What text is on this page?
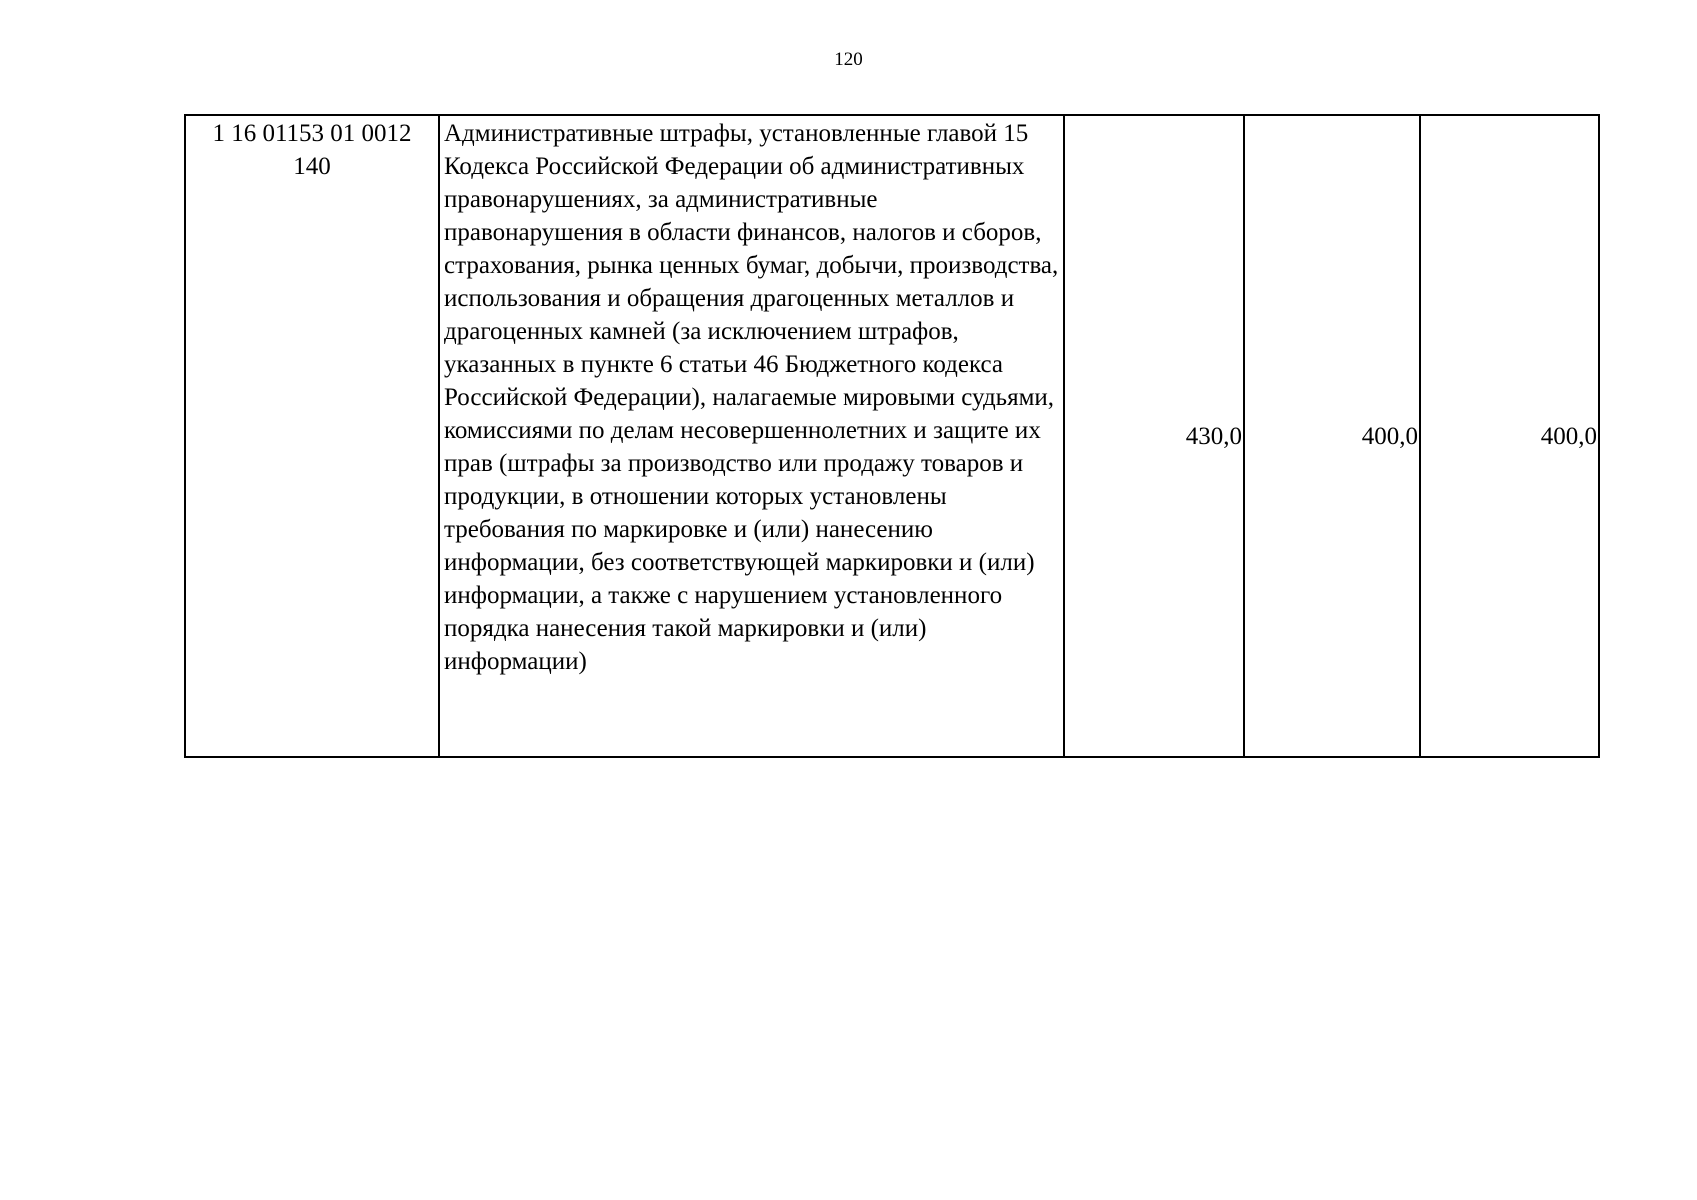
120
1 16 01153 01 0012 140	Административные штрафы, установленные главой 15 Кодекса Российской Федерации об административных правонарушениях, за административные правонарушения в области финансов, налогов и сборов, страхования, рынка ценных бумаг, добычи, производства, использования и обращения драгоценных металлов и драгоценных камней (за исключением штрафов, указанных в пункте 6 статьи 46 Бюджетного кодекса Российской Федерации), налагаемые мировыми судьями, комиссиями по делам несовершеннолетних и защите их прав (штрафы за производство или продажу товаров и продукции, в отношении которых установлены требования по маркировке и (или) нанесению информации, без соответствующей маркировки и (или) информации, а также с нарушением установленного порядка нанесения такой маркировки и (или) информации)	430,0	400,0	400,0
